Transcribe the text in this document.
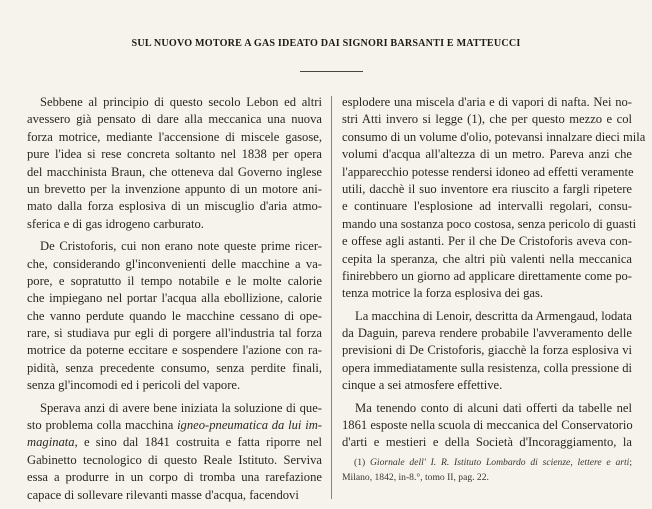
SUL NUOVO MOTORE A GAS IDEATO DAI SIGNORI BARSANTI E MATTEUCCI
Sebbene al principio di questo secolo Lebon ed altri
avessero già pensato di dare alla meccanica una nuova
forza motrice, mediante l'accensione di miscele gasose,
pure l'idea si rese concreta soltanto nel 1838 per opera
del macchinista Braun, che otteneva dal Governo inglese
un brevetto per la invenzione appunto di un motore ani-
mato dalla forza esplosiva di un miscuglio d'aria atmo-
sferica e di gas idrogeno carburato.
De Cristoforis, cui non erano note queste prime ricer-
che, considerando gl'inconvenienti delle macchine a va-
pore, e sopratutto il tempo notabile e le molte calorie
che impiegano nel portar l'acqua alla ebollizione, calorie
che vanno perdute quando le macchine cessano di ope-
rare, si studiava pur egli di porgere all'industria tal forza
motrice da poterne eccitare e sospendere l'azione con ra-
pidità, senza precedente consumo, senza perdite finali,
senza gl'incomodi ed i pericoli del vapore.
Sperava anzi di avere bene iniziata la soluzione di que-
sto problema colla macchina igneo-pneumatica da lui im-
maginata, e sino dal 1841 costruita e fatta riporre nel
Gabinetto tecnologico di questo Reale Istituto. Serviva
essa a produrre in un corpo di tromba una rarefazione
capace di sollevare rilevanti masse d'acqua, facendovi
esplodere una miscela d'aria e di vapori di nafta. Nei no-
stri Atti invero si legge (1), che per questo mezzo e col
consumo di un volume d'olio, potevansi innalzare dieci mila
volumi d'acqua all'altezza di un metro. Pareva anzi che
l'apparecchio potesse rendersi idoneo ad effetti veramente
utili, dacchè il suo inventore era riuscito a fargli ripetere
e continuare l'esplosione ad intervalli regolari, consu-
mando una sostanza poco costosa, senza pericolo di guasti
e offese agli astanti. Per il che De Cristoforis aveva con-
cepita la speranza, che altri più valenti nella meccanica
finirebbero un giorno ad applicare direttamente come po-
tenza motrice la forza esplosiva dei gas.
La macchina di Lenoir, descritta da Armengaud, lodata
da Daguin, pareva rendere probabile l'avveramento delle
previsioni di De Cristoforis, giacchè la forza esplosiva vi
opera immediatamente sulla resistenza, colla pressione di
cinque a sei atmosfere effettive.
Ma tenendo conto di alcuni dati offerti da tabelle nel
1861 esposte nella scuola di meccanica del Conservatorio
d'arti e mestieri e della Società d'Incoraggiamento, la
(1) Giornale dell' I. R. Istituto Lombardo di scienze, lettere e arti;
Milano, 1842, in-8.°, tomo II, pag. 22.
